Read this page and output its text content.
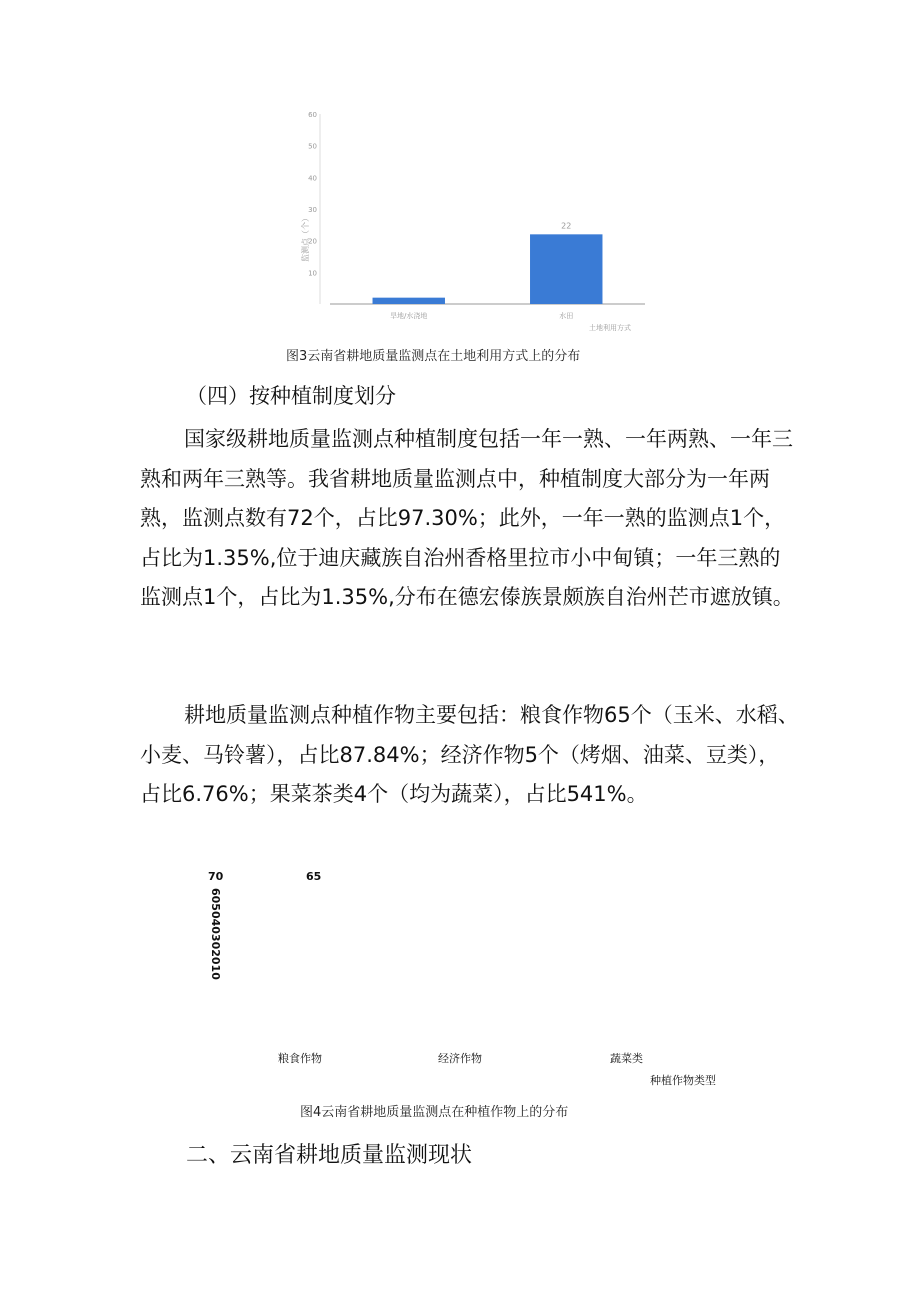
60
50
40
30
20
10
22
旱地/水浇地	水田
监测点（个）
土地利用方式
图3云南省耕地质量监测点在土地利用方式上的分布
（四）按种植制度划分

国家级耕地质量监测点种植制度包括一年一熟、一年两熟、一年三熟和两年三熟等。我省耕地质量监测点中，种植制度大部分为一年两熟，监测点数有72个，占比97.30%；此外，一年一熟的监测点1个，占比为1.35%,位于迪庆藏族自治州香格里拉市小中甸镇；一年三熟的监测点1个，占比为1.35%,分布在德宏傣族景颇族自治州芒市遮放镇。

耕地质量监测点种植作物主要包括：粮食作物65个（玉米、水稻、小麦、马铃薯），占比87.84%；经济作物5个（烤烟、油菜、豆类），占比6.76%；果菜茶类4个（均为蔬菜），占比541%。

70	65
605040302010
粮食作物	经济作物	蔬菜类
种植作物类型
图4云南省耕地质量监测点在种植作物上的分布
二、云南省耕地质量监测现状
